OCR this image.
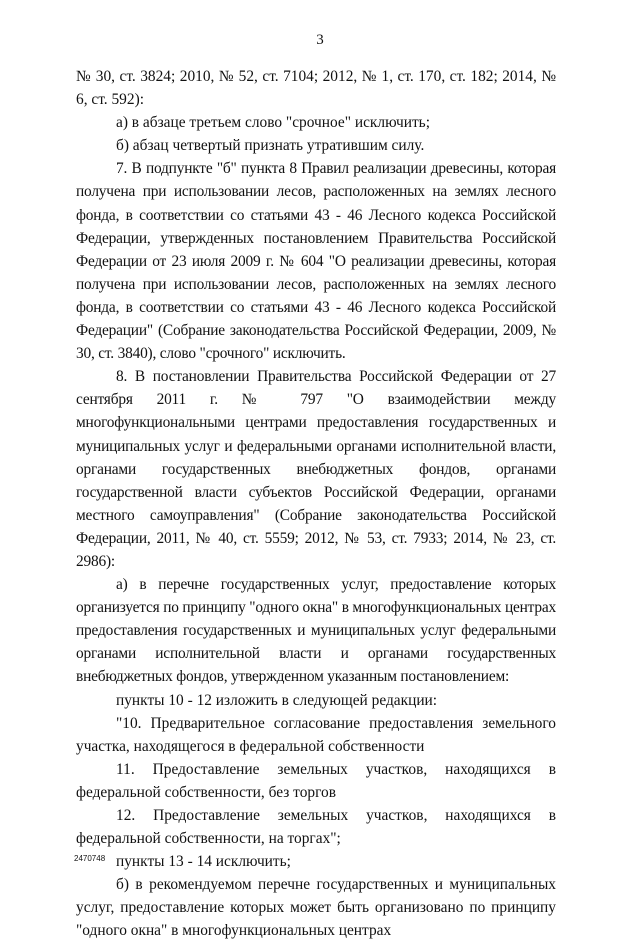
3

№ 30, ст. 3824; 2010, № 52, ст. 7104; 2012, № 1, ст. 170, ст. 182; 2014, № 6, ст. 592):

а) в абзаце третьем слово "срочное" исключить;

б) абзац четвертый признать утратившим силу.

7. В подпункте "б" пункта 8 Правил реализации древесины, которая получена при использовании лесов, расположенных на землях лесного фонда, в соответствии со статьями 43 - 46 Лесного кодекса Российской Федерации, утвержденных постановлением Правительства Российской Федерации от 23 июля 2009 г. № 604 "О реализации древесины, которая получена при использовании лесов, расположенных на землях лесного фонда, в соответствии со статьями 43 - 46 Лесного кодекса Российской Федерации" (Собрание законодательства Российской Федерации, 2009, № 30, ст. 3840), слово "срочного" исключить.

8. В постановлении Правительства Российской Федерации от 27 сентября 2011 г. № 797 "О взаимодействии между многофункциональными центрами предоставления государственных и муниципальных услуг и федеральными органами исполнительной власти, органами государственных внебюджетных фондов, органами государственной власти субъектов Российской Федерации, органами местного самоуправления" (Собрание законодательства Российской Федерации, 2011, № 40, ст. 5559; 2012, № 53, ст. 7933; 2014, № 23, ст. 2986):

а) в перечне государственных услуг, предоставление которых организуется по принципу "одного окна" в многофункциональных центрах предоставления государственных и муниципальных услуг федеральными органами исполнительной власти и органами государственных внебюджетных фондов, утвержденном указанным постановлением:

пункты 10 - 12 изложить в следующей редакции:

"10. Предварительное согласование предоставления земельного участка, находящегося в федеральной собственности

11. Предоставление земельных участков, находящихся в федеральной собственности, без торгов

12. Предоставление земельных участков, находящихся в федеральной собственности, на торгах";

пункты 13 - 14 исключить;

б) в рекомендуемом перечне государственных и муниципальных услуг, предоставление которых может быть организовано по принципу "одного окна" в многофункциональных центрах

2470748
